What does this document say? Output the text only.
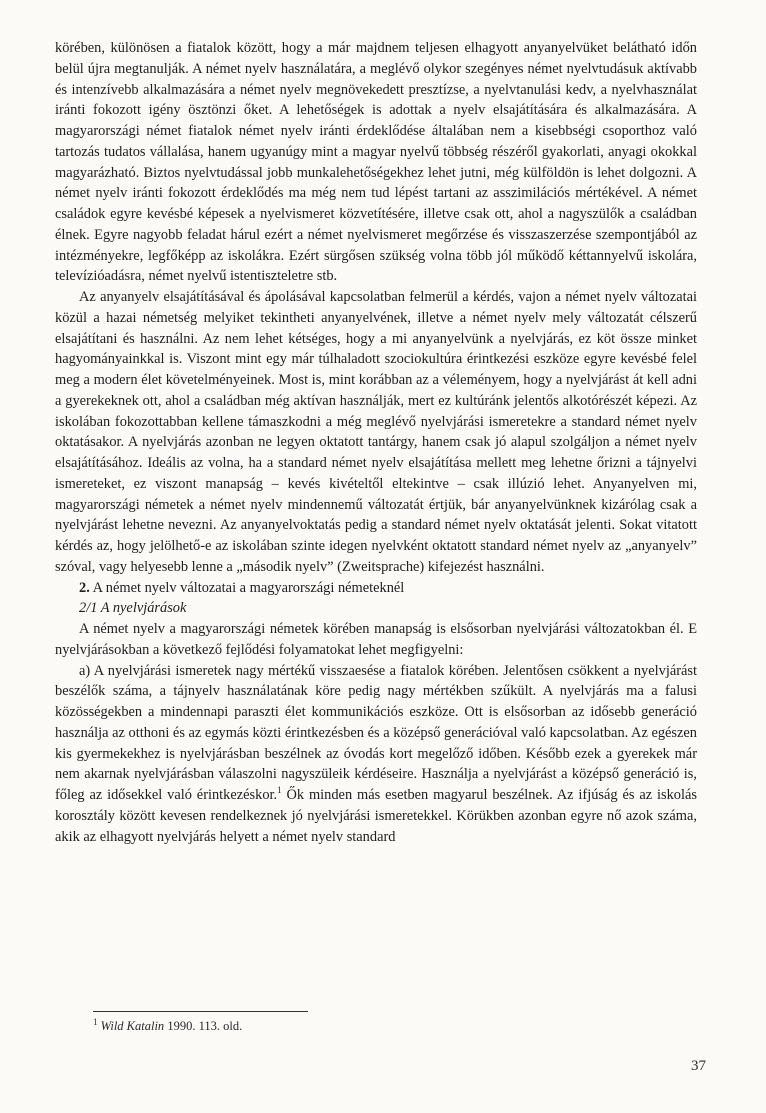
körében, különösen a fiatalok között, hogy a már majdnem teljesen elhagyott anyanyelvüket belátható időn belül újra megtanulják. A német nyelv használatára, a meglévő olykor szegényes német nyelvtudásuk aktívabb és intenzívebb alkalmazására a német nyelv megnövekedett presztízse, a nyelvtanulási kedv, a nyelvhasználat iránti fokozott igény ösztönzi őket. A lehetőségek is adottak a nyelv elsajátítására és alkalmazására. A magyarországi német fiatalok német nyelv iránti érdeklődése általában nem a kisebbségi csoporthoz való tartozás tudatos vállalása, hanem ugyanúgy mint a magyar nyelvű többség részéről gyakorlati, anyagi okokkal magyarázható. Biztos nyelvtudással jobb munkalehetőségekhez lehet jutni, még külföldön is lehet dolgozni. A német nyelv iránti fokozott érdeklődés ma még nem tud lépést tartani az asszimilációs mértékével. A német családok egyre kevésbé képesek a nyelvismeret közvetítésére, illetve csak ott, ahol a nagyszülők a családban élnek. Egyre nagyobb feladat hárul ezért a német nyelvismeret megőrzése és visszaszerzése szempontjából az intézményekre, legfőképp az iskolákra. Ezért sürgősen szükség volna több jól működő kéttannyelvű iskolára, televízióadásra, német nyelvű istentiszteletre stb.

Az anyanyelv elsajátításával és ápolásával kapcsolatban felmerül a kérdés, vajon a német nyelv változatai közül a hazai németség melyiket tekintheti anyanyelvének, illetve a német nyelv mely változatát célszerű elsajátítani és használni. Az nem lehet kétséges, hogy a mi anyanyelvünk a nyelvjárás, ez köt össze minket hagyományainkkal is. Viszont mint egy már túlhaladott szociokultúra érintkezési eszköze egyre kevésbé felel meg a modern élet követelményeinek. Most is, mint korábban az a véleményem, hogy a nyelvjárást át kell adni a gyerekeknek ott, ahol a családban még aktívan használják, mert ez kultúránk jelentős alkotórészét képezi. Az iskolában fokozottabban kellene támaszkodni a még meglévő nyelvjárási ismeretekre a standard német nyelv oktatásakor. A nyelvjárás azonban ne legyen oktatott tantárgy, hanem csak jó alapul szolgáljon a német nyelv elsajátításához. Ideális az volna, ha a standard német nyelv elsajátítása mellett meg lehetne őrizni a tájnyelvi ismereteket, ez viszont manapság – kevés kivételtől eltekintve – csak illúzió lehet. Anyanyelven mi, magyarországi németek a német nyelv mindennemű változatát értjük, bár anyanyelvünknek kizárólag csak a nyelvjárást lehetne nevezni. Az anyanyelvoktatás pedig a standard német nyelv oktatását jelenti. Sokat vitatott kérdés az, hogy jelölhető-e az iskolában szinte idegen nyelvként oktatott standard német nyelv az „anyanyelv” szóval, vagy helyesebb lenne a „második nyelv” (Zweitsprache) kifejezést használni.

2. A német nyelv változatai a magyarországi németeknél

2/1 A nyelvjárások

A német nyelv a magyarországi németek körében manapság is elsősorban nyelvjárási változatokban él. E nyelvjárásokban a következő fejlődési folyamatokat lehet megfigyelni:

a) A nyelvjárási ismeretek nagy mértékű visszaesése a fiatalok körében. Jelentősen csökkent a nyelvjárást beszélők száma, a tájnyelv használatának köre pedig nagy mértékben szűkült. A nyelvjárás ma a falusi közösségekben a mindennapi paraszti élet kommunikációs eszköze. Ott is elsősorban az idősebb generáció használja az otthoni és az egymás közti érintkezésben és a középső generációval való kapcsolatban. Az egészen kis gyermekekhez is nyelvjárásban beszélnek az óvodás kort megelőző időben. Később ezek a gyerekek már nem akarnak nyelvjárásban válaszolni nagyszüleik kérdéseire. Használja a nyelvjárást a középső generáció is, főleg az idősekkel való érintkezéskor.$^1$ Ők minden más esetben magyarul beszélnek. Az ifjúság és az iskolás korosztály között kevesen rendelkeznek jó nyelvjárási ismeretekkel. Körükben azonban egyre nő azok száma, akik az elhagyott nyelvjárás helyett a német nyelv standard

$^1$ Wild Katalin 1990. 113. old.
37
